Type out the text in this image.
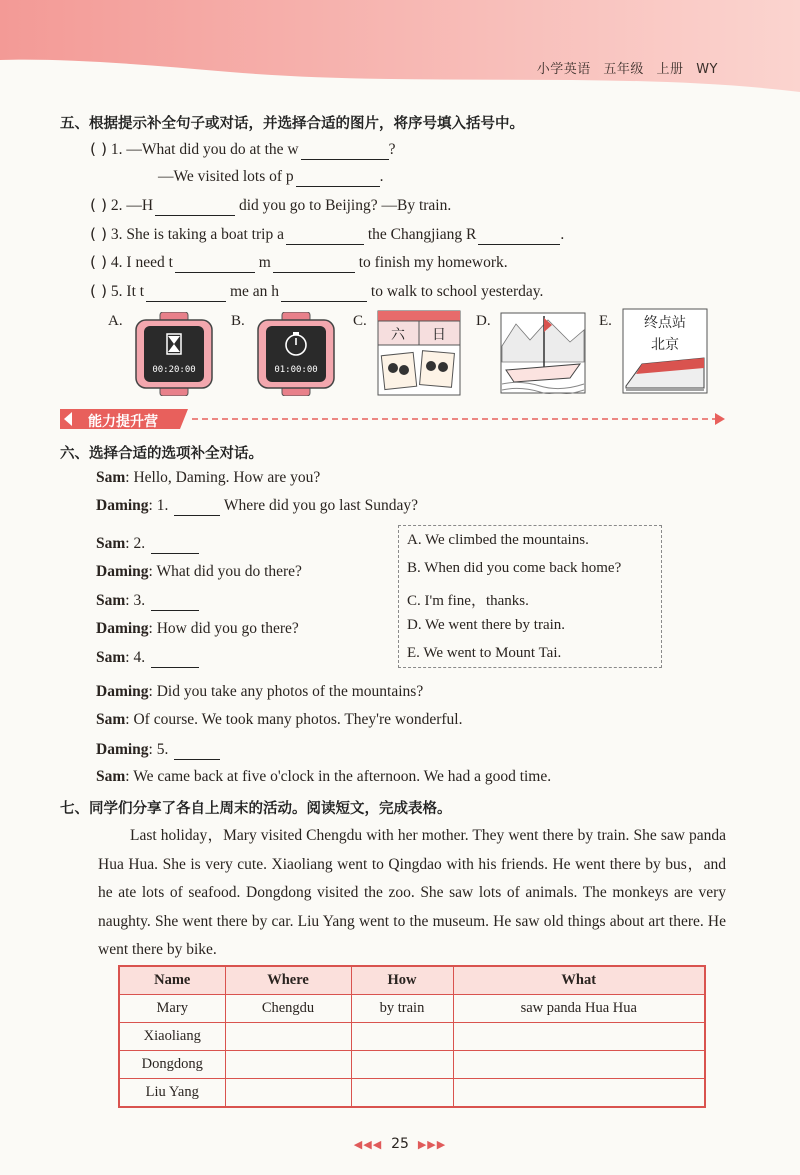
小学英语 五年级 上册 WY
五、根据提示补全句子或对话，并选择合适的图片，将序号填入括号中。
( ) 1. —What did you do at the w	?
—We visited lots of p	.
( ) 2. —H	did you go to Beijing? —By train.
( ) 3. She is taking a boat trip a	the Changjiang R	.
( ) 4. I need t	m	to finish my homework.
( ) 5. It t	me an h	to walk to school yesterday.
A.
00:20:00
B.
01:00:00
C.
六 日
D.	E. 终点站
北京
能力提升营
六、选择合适的选项补全对话。
Sam: Hello, Daming. How are you?
Daming: 1.	Where did you go last Sunday?
Sam: 2.
Daming: What did you do there?
Sam: 3.
Daming: How did you go there?
Sam: 4.
Daming: Did you take any photos of the mountains?
Sam: Of course. We took many photos. They're wonderful.
Daming: 5.
Sam: We came back at five o'clock in the afternoon. We had a good time.
A. We climbed the mountains.
B. When did you come back home?
C. I'm fine，thanks.
D. We went there by train.
E. We went to Mount Tai.
七、同学们分享了各自上周末的活动。阅读短文，完成表格。

Last holiday，Mary visited Chengdu with her mother. They went there by train. She saw panda Hua Hua. She is very cute. Xiaoliang went to Qingdao with his friends. He went there by bus，and he ate lots of seafood. Dongdong visited the zoo. She saw lots of animals. The monkeys are very naughty. She went there by car. Liu Yang went to the museum. He saw old things about art there. He went there by bike.

Name	Where	How	What
Mary	Chengdu	by train	saw panda Hua Hua
Xiaoliang			
Dongdong			
Liu Yang			
◀◀◀ 25 ▶▶▶
